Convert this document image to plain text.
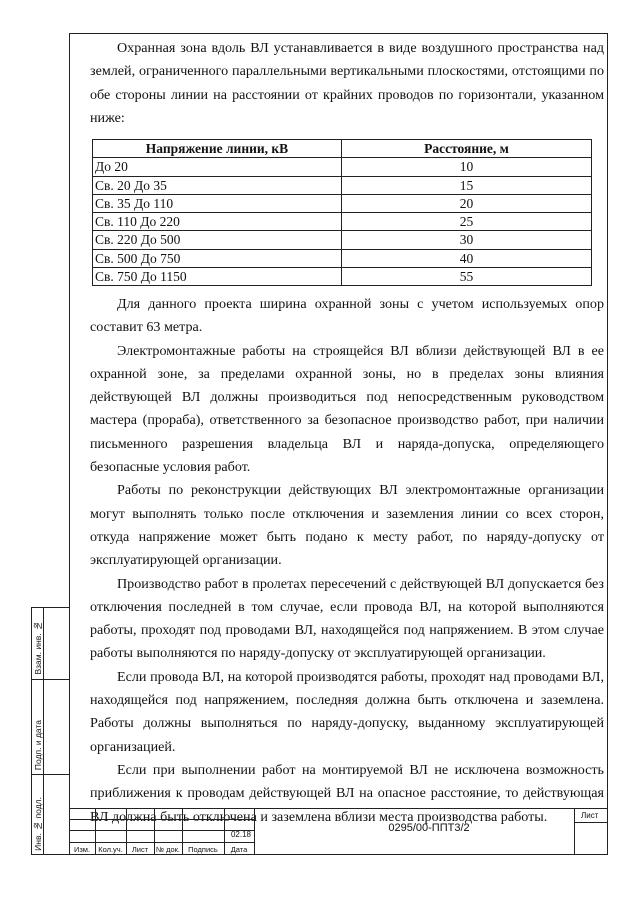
Взам. инв. №
Подп. и дата
Инв. № подл.

Охранная зона вдоль ВЛ устанавливается в виде воздушного пространства над землей, ограниченного параллельными вертикальными плоскостями, отстоящими по обе стороны линии на расстоянии от крайних проводов по горизонтали, указанном ниже:

Напряжение линии, кВ	Расстояние, м
До 20	10
Св. 20 До 35	15
Св. 35 До 110	20
Св. 110 До 220	25
Св. 220 До 500	30
Св. 500 До 750	40
Св. 750 До 1150	55

Для данного проекта ширина охранной зоны с учетом используемых опор составит 63 метра.

Электромонтажные работы на строящейся ВЛ вблизи действующей ВЛ в ее охранной зоне, за пределами охранной зоны, но в пределах зоны влияния действующей ВЛ должны производиться под непосредственным руководством мастера (прораба), ответственного за безопасное производство работ, при наличии письменного разрешения владельца ВЛ и наряда-допуска, определяющего безопасные условия работ.

Работы по реконструкции действующих ВЛ электромонтажные организации могут выполнять только после отключения и заземления линии со всех сторон, откуда напряжение может быть подано к месту работ, по наряду-допуску от эксплуатирующей организации.

Производство работ в пролетах пересечений с действующей ВЛ допускается без отключения последней в том случае, если провода ВЛ, на которой выполняются работы, проходят под проводами ВЛ, находящейся под напряжением. В этом случае работы выполняются по наряду-допуску от эксплуатирующей организации.

Если провода ВЛ, на которой производятся работы, проходят над проводами ВЛ, находящейся под напряжением, последняя должна быть отключена и заземлена. Работы должны выполняться по наряду-допуску, выданному эксплуатирующей организацией.

Если при выполнении работ на монтируемой ВЛ не исключена возможность приближения к проводам действующей ВЛ на опасное расстояние, то действующая ВЛ должна быть отключена и заземлена вблизи места производства работы.

Изм.	Кол.уч.	Лист	№ док.	Подпись	Дата
02.18
0295/00-ППТ3/2
Лист
